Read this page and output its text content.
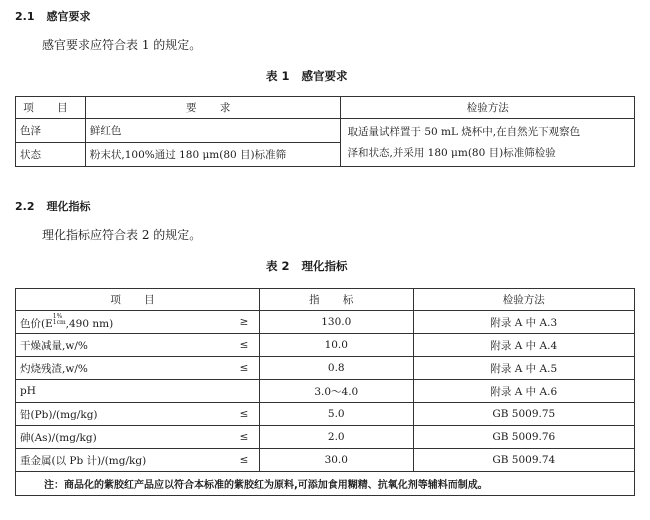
2.1 感官要求
感官要求应符合表 1 的规定。
表 1 感官要求
项 目	要 求	检验方法
色泽	鲜红色	取适量试样置于 50 mL 烧杯中,在自然光下观察色
泽和状态,并采用 180 μm(80 目)标准筛检验

状态	粉末状,100%通过 180 μm(80 目)标准筛	
2.2 理化指标
理化指标应符合表 2 的规定。
表 2 理化指标
项 目		指 标	检验方法
色价(E
1%
1cm ,490 nm)	≥	130.0	附录 A 中 A.3
干燥减量,w/%	≤	10.0	附录 A 中 A.4
灼烧残渣,w/%	≤	0.8	附录 A 中 A.5
pH		3.0～4.0	附录 A 中 A.6
铅(Pb)/(mg/kg)	≤	5.0	GB 5009.75
砷(As)/(mg/kg)	≤	2.0	GB 5009.76
重金属(以 Pb 计)/(mg/kg)	≤	30.0	GB 5009.74
注：商品化的紫胶红产品应以符合本标准的紫胶红为原料,可添加食用糊精、抗氧化剂等辅料而制成。			
